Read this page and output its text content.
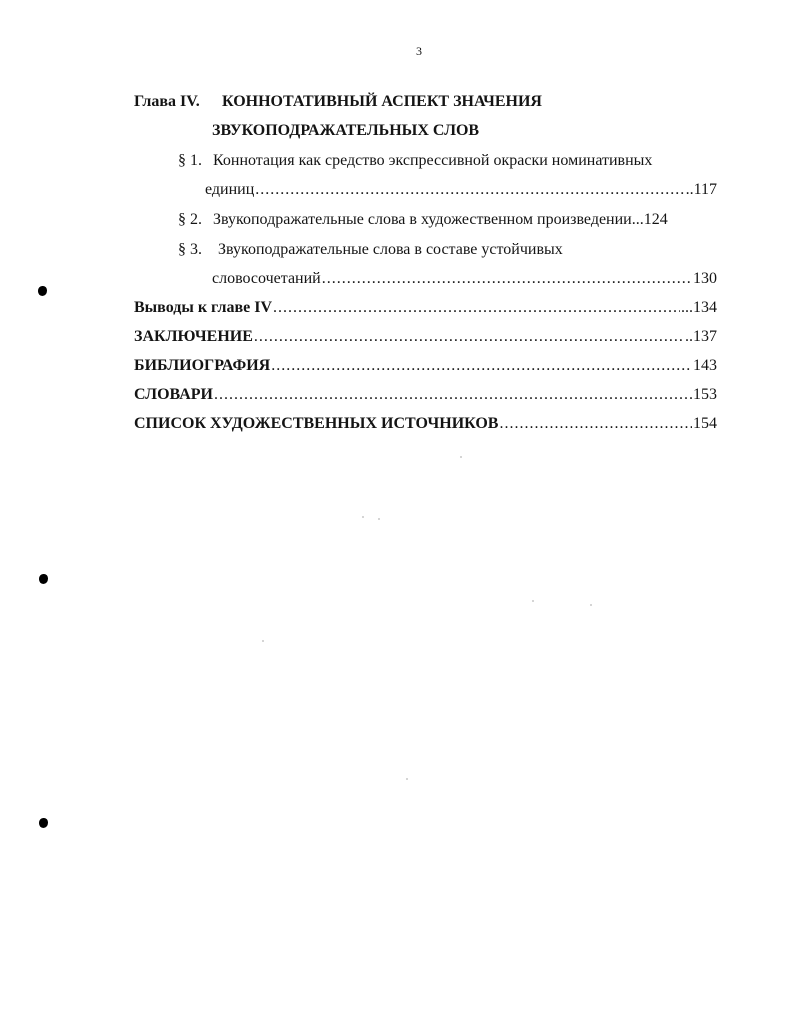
3
Глава IV. КОННОТАТИВНЫЙ АСПЕКТ ЗНАЧЕНИЯ
ЗВУКОПОДРАЖАТЕЛЬНЫХ СЛОВ
§ 1. Коннотация как средство экспрессивной окраски номинативных
единиц .....	..117
§ 2. Звукоподражательные слова в художественном произведении ...124
§ 3. Звукоподражательные слова в составе устойчивых
словосочетаний .....	130
Выводы к главе IV .....	...134
ЗАКЛЮЧЕНИЕ .....	..137
БИБЛИОГРАФИЯ .....	143
СЛОВАРИ .....	153
СПИСОК ХУДОЖЕСТВЕННЫХ ИСТОЧНИКОВ .....	154
